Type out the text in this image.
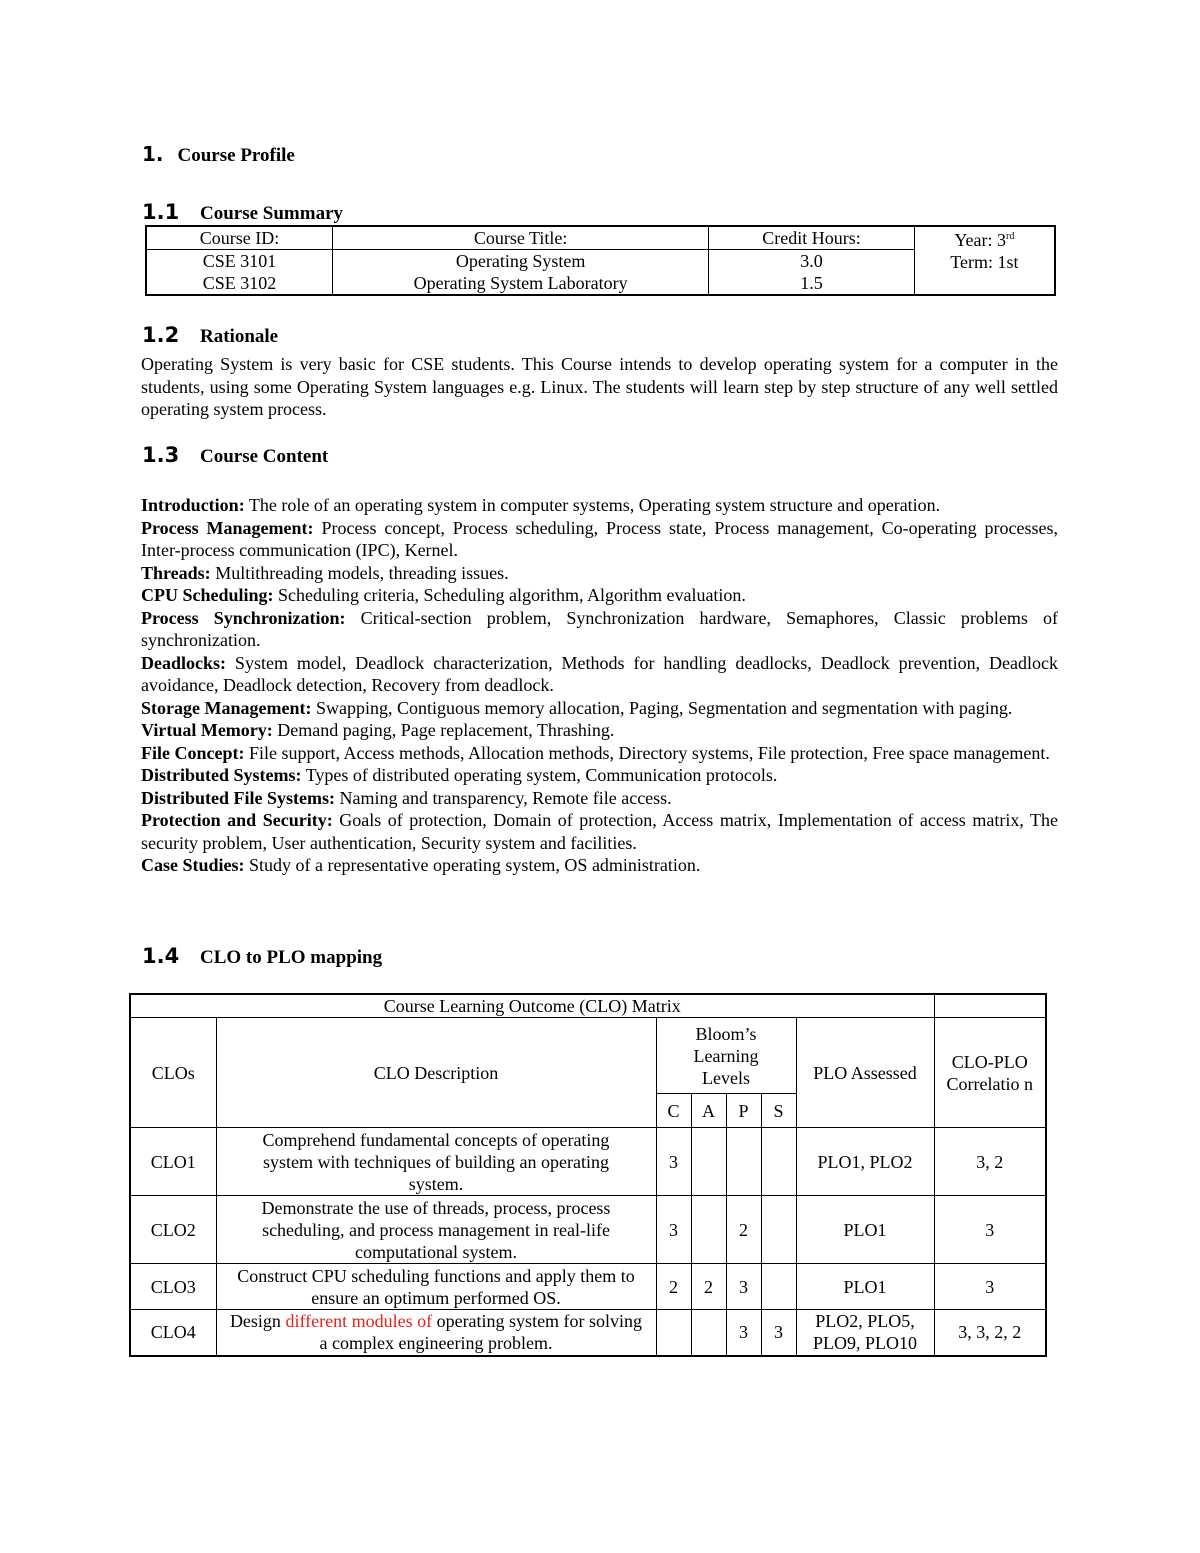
1. Course Profile
1.1 Course Summary
Course ID:	Course Title:	Credit Hours:	Year: 3rd
Term: 1st

CSE 3101	Operating System	3.0	
CSE 3102	Operating System Laboratory	1.5	
1.2 Rationale
Operating System is very basic for CSE students. This Course intends to develop operating system for a computer in the students, using some Operating System languages e.g. Linux. The students will learn step by step structure of any well settled operating system process.
1.3 Course Content

Introduction: The role of an operating system in computer systems, Operating system structure and operation.

Process Management: Process concept, Process scheduling, Process state, Process management, Co-operating processes, Inter-process communication (IPC), Kernel.

Threads: Multithreading models, threading issues.

CPU Scheduling: Scheduling criteria, Scheduling algorithm, Algorithm evaluation.

Process Synchronization: Critical-section problem, Synchronization hardware, Semaphores, Classic problems of synchronization.

Deadlocks: System model, Deadlock characterization, Methods for handling deadlocks, Deadlock prevention, Deadlock avoidance, Deadlock detection, Recovery from deadlock.

Storage Management: Swapping, Contiguous memory allocation, Paging, Segmentation and segmentation with paging.

Virtual Memory: Demand paging, Page replacement, Thrashing.

File Concept: File support, Access methods, Allocation methods, Directory systems, File protection, Free space management.

Distributed Systems: Types of distributed operating system, Communication protocols.

Distributed File Systems: Naming and transparency, Remote file access.

Protection and Security: Goals of protection, Domain of protection, Access matrix, Implementation of access matrix, The security problem, User authentication, Security system and facilities.

Case Studies: Study of a representative operating system, OS administration.

1.4 CLO to PLO mapping
Course Learning Outcome (CLO) Matrix							
CLOs	CLO Description	Bloom’s Learning Levels				PLO Assessed	CLO-PLO Correlatio n
		C	A	P	S		
CLO1	Comprehend fundamental concepts of operating system with techniques of building an operating system.	3				PLO1, PLO2	3, 2
CLO2	Demonstrate the use of threads, process, process scheduling, and process management in real-life computational system.	3		2		PLO1	3
CLO3	Construct CPU scheduling functions and apply them to ensure an optimum performed OS.	2	2	3		PLO1	3
CLO4	Design different modules of operating system for solving a complex engineering problem.			3	3	PLO2, PLO5, PLO9, PLO10	3, 3, 2, 2
